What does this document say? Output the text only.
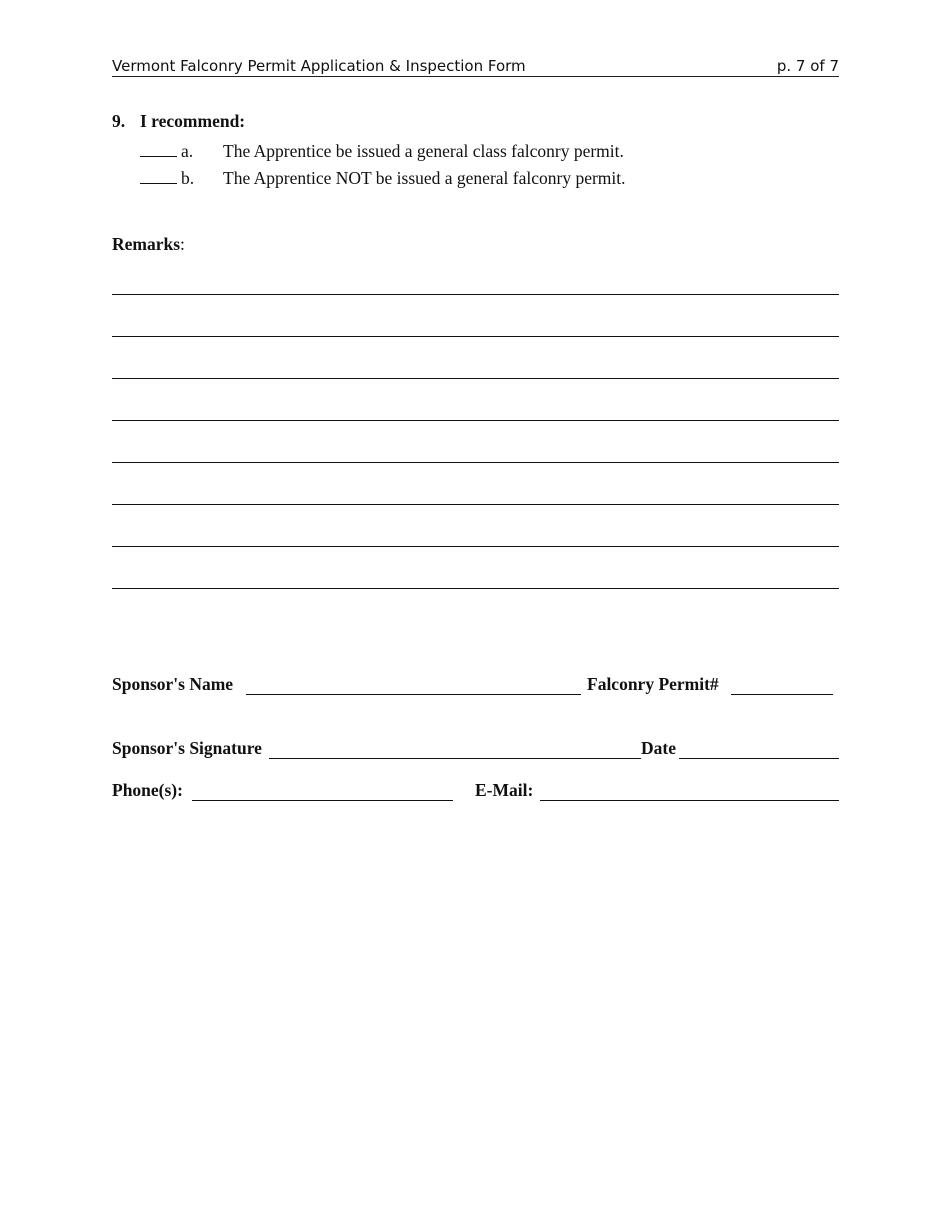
Vermont Falconry Permit Application & Inspection Form	p. 7 of 7
9. I recommend:
a. The Apprentice be issued a general class falconry permit.
b. The Apprentice NOT be issued a general falconry permit.
Remarks:
Sponsor's Name	Falconry Permit#
Sponsor's Signature	Date
Phone(s):	E-Mail:
